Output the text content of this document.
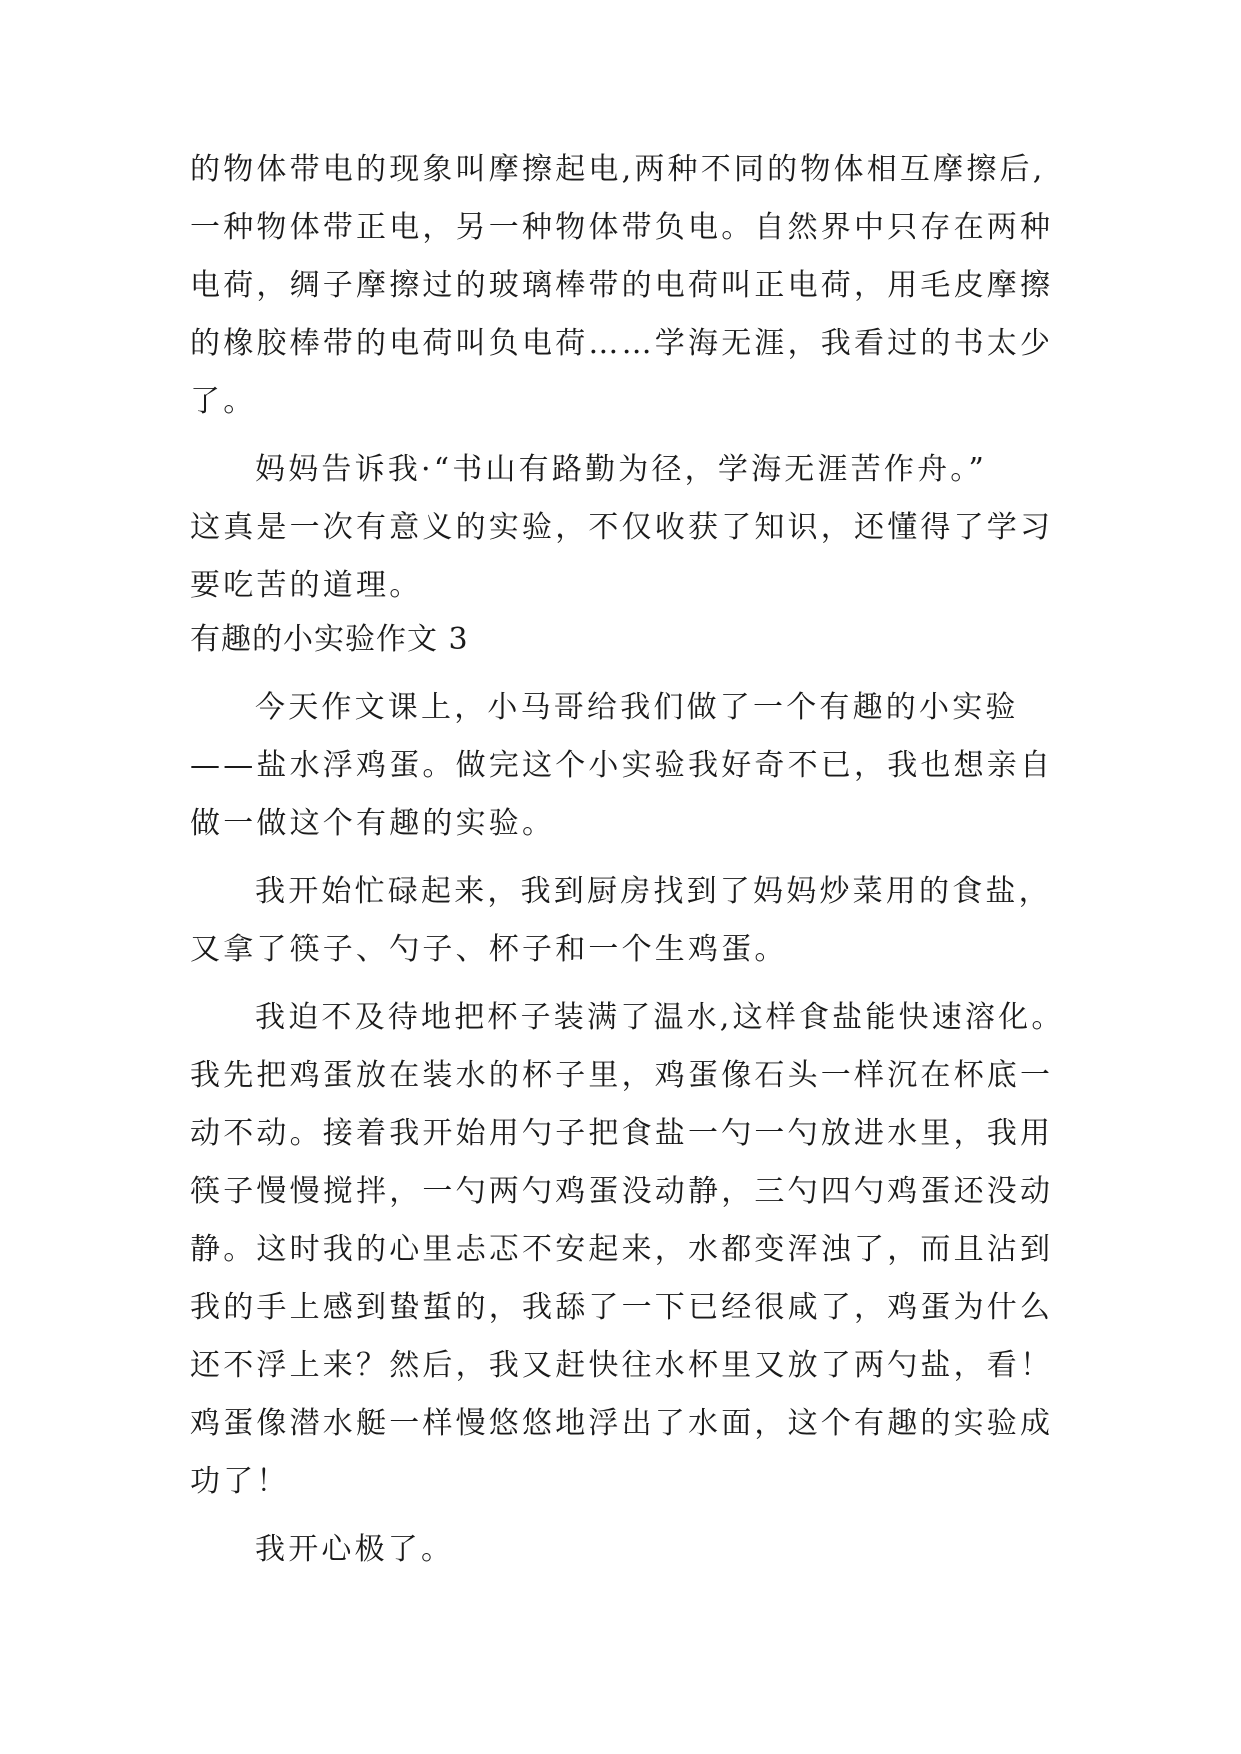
的物体带电的现象叫摩擦起电,两种不同的物体相互摩擦后,
一种物体带正电，另一种物体带负电。自然界中只存在两种
电荷，绸子摩擦过的玻璃棒带的电荷叫正电荷，用毛皮摩擦
的橡胶棒带的电荷叫负电荷……学海无涯，我看过的书太少
了。
妈妈告诉我·“书山有路勤为径，学海无涯苦作舟。”
这真是一次有意义的实验，不仅收获了知识，还懂得了学习
要吃苦的道理。
有趣的小实验作文 3
今天作文课上，小马哥给我们做了一个有趣的小实验
——盐水浮鸡蛋。做完这个小实验我好奇不已，我也想亲自
做一做这个有趣的实验。
我开始忙碌起来，我到厨房找到了妈妈炒菜用的食盐，
又拿了筷子、勺子、杯子和一个生鸡蛋。
我迫不及待地把杯子装满了温水,这样食盐能快速溶化。
我先把鸡蛋放在装水的杯子里，鸡蛋像石头一样沉在杯底一
动不动。接着我开始用勺子把食盐一勺一勺放进水里，我用
筷子慢慢搅拌，一勺两勺鸡蛋没动静，三勺四勺鸡蛋还没动
静。这时我的心里忐忑不安起来，水都变浑浊了，而且沾到
我的手上感到蛰蜇的，我舔了一下已经很咸了，鸡蛋为什么
还不浮上来？然后，我又赶快往水杯里又放了两勺盐，看！
鸡蛋像潜水艇一样慢悠悠地浮出了水面，这个有趣的实验成
功了！
我开心极了。
